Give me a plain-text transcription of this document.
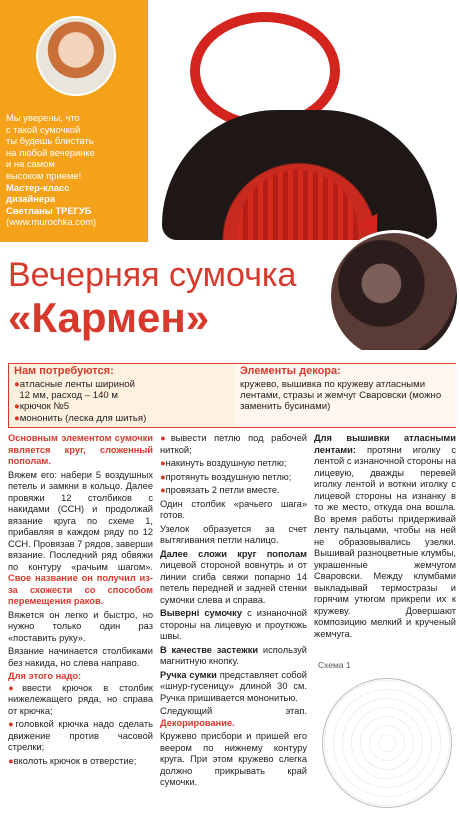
Мы уверены, что
с такой сумочкой
ты будешь блистать
на любой вечеринке
и на самом
высоком приеме!
Мастер-класс
дизайнера
Светланы ТРЕГУБ
(www.murochka.com)
Вечерняя сумочка
«Кармен»
Нам потребуются:
●атласные ленты шириной
12 мм, расход – 140 м
●крючок №5
●мононить (леска для шитья)
Элементы декора:
кружево, вышивка по кружеву атласными лентами, стразы и жемчуг Сваровски (можно заменить бусинами)
Основным элементом сумочки является круг, сложенный пополам.
Вяжем его: набери 5 воздушных петель и замкни в кольцо. Далее провяжи 12 столбиков с накидами (ССН) и продолжай вязание круга по схеме 1, прибавляя в каждом ряду по 12 ССН. Провязав 7 рядов, заверши вязание. Последний ряд обвяжи по контуру «рачьим шагом». Свое название он получил из-за схожести со способом перемещения раков.
Вяжется он легко и быстро, но нужно только один раз «поставить руку».
Вязание начинается столбиками без накида, но слева направо.
Для этого надо:
●ввести крючок в столбик нижележащего ряда, но справа от крючка;
●головкой крючка надо сделать движение против часовой стрелки;
●вколоть крючок в отверстие;
●вывести петлю под рабочей ниткой;
●накинуть воздушную петлю;
●протянуть воздушную петлю;
●провязать 2 петли вместе.
Один столбик «рачьего шага» готов.
Узелок образуется за счет вытягивания петли налицо.
Далее сложи круг пополам лицевой стороной вовнутрь и от линии сгиба свяжи попарно 14 петель передней и задней стенки сумочки слева и справа.
Вывернi сумочку с изнаночной стороны на лицевую и проутюжь швы.
В качестве застежки используй магнитную кнопку.
Ручка сумки представляет собой «шнур-гусеницу» длиной 30 см. Ручка пришивается мононитью.
Следующий этап. Декорирование.
Кружево присбори и пришей его веером по нижнему контуру круга. При этом кружево слегка должно прикрывать край сумочки.
Для вышивки атласными лентами: протяни иголку с лентой с изнаночной стороны на лицевую, дважды перевей иголку лентой и воткни иголку с лицевой стороны на изнанку в то же место, откуда она вошла. Во время работы придерживай ленту пальцами, чтобы на ней не образовывались узелки. Вышивай разноцветные клумбы, украшенные жемчугом Сваровски. Между клумбами выкладывай термостразы и горячим утюгом прикрепи их к кружеву. Довершают композицию мелкий и крученый жемчуга.
Схема 1
